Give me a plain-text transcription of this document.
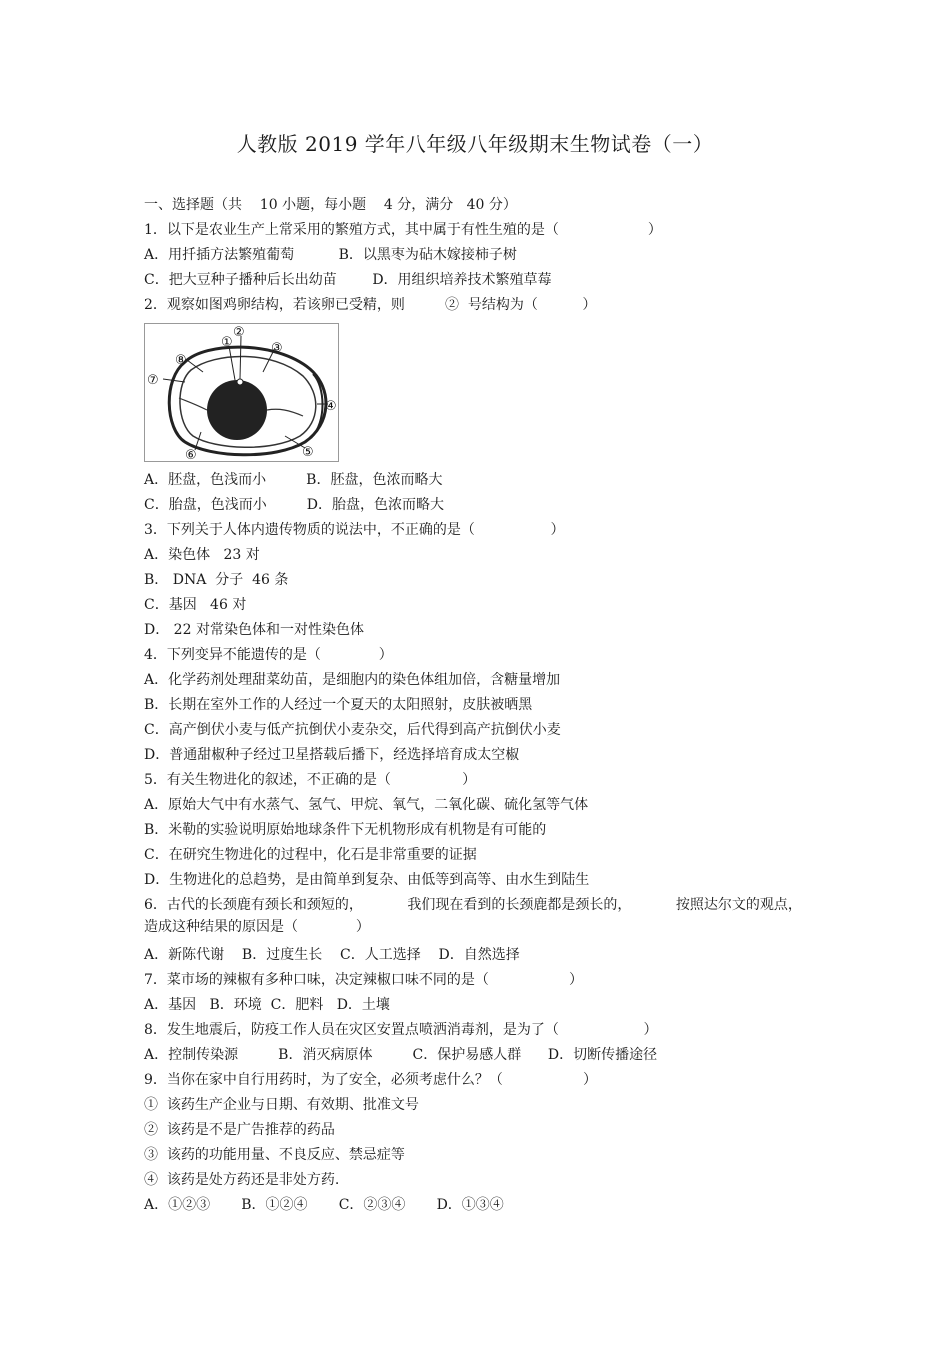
人教版 2019 学年八年级八年级期末生物试卷（一）
一、选择题（共    10 小题，每小题    4 分，满分   40 分）
1．以下是农业生产上常采用的繁殖方式，其中属于有性生殖的是（                    ）
A．用扦插方法繁殖葡萄          B．以黑枣为砧木嫁接柿子树
C．把大豆种子播种后长出幼苗        D．用组织培养技术繁殖草莓
2．观察如图鸡卵结构，若该卵已受精，则         ②  号结构为（          ）
①
②
③
④
⑤
⑥
⑦
⑧
A．胚盘，色浅而小         B．胚盘，色浓而略大
C．胎盘，色浅而小         D．胎盘，色浓而略大
3．下列关于人体内遗传物质的说法中，不正确的是（                 ）
A．染色体   23 对
B． DNA  分子  46 条
C．基因   46 对
D． 22 对常染色体和一对性染色体
4．下列变异不能遗传的是（             ）
A．化学药剂处理甜菜幼苗，是细胞内的染色体组加倍，含糖量增加
B．长期在室外工作的人经过一个夏天的太阳照射，皮肤被晒黑
C．高产倒伏小麦与低产抗倒伏小麦杂交，后代得到高产抗倒伏小麦
D．普通甜椒种子经过卫星搭载后播下，经选择培育成太空椒
5．有关生物进化的叙述，不正确的是（                ）
A．原始大气中有水蒸气、氢气、甲烷、氧气，二氧化碳、硫化氢等气体
B．米勒的实验说明原始地球条件下无机物形成有机物是有可能的
C．在研究生物进化的过程中，化石是非常重要的证据
D．生物进化的总趋势，是由简单到复杂、由低等到高等、由水生到陆生
6．古代的长颈鹿有颈长和颈短的，          我们现在看到的长颈鹿都是颈长的，          按照达尔文的观点，
造成这种结果的原因是（             ）
A．新陈代谢    B．过度生长    C．人工选择    D．自然选择
7．菜市场的辣椒有多种口味，决定辣椒口味不同的是（                  ）
A．基因   B．环境  C．肥料   D．土壤
8．发生地震后，防疫工作人员在灾区安置点喷洒消毒剂，是为了（                   ）
A．控制传染源         B．消灭病原体         C．保护易感人群      D．切断传播途径
9．当你在家中自行用药时，为了安全，必须考虑什么？（                  ）
①  该药生产企业与日期、有效期、批准文号
②  该药是不是广告推荐的药品
③  该药的功能用量、不良反应、禁忌症等
④  该药是处方药还是非处方药.
A．①②③       B．①②④       C．②③④       D．①③④
